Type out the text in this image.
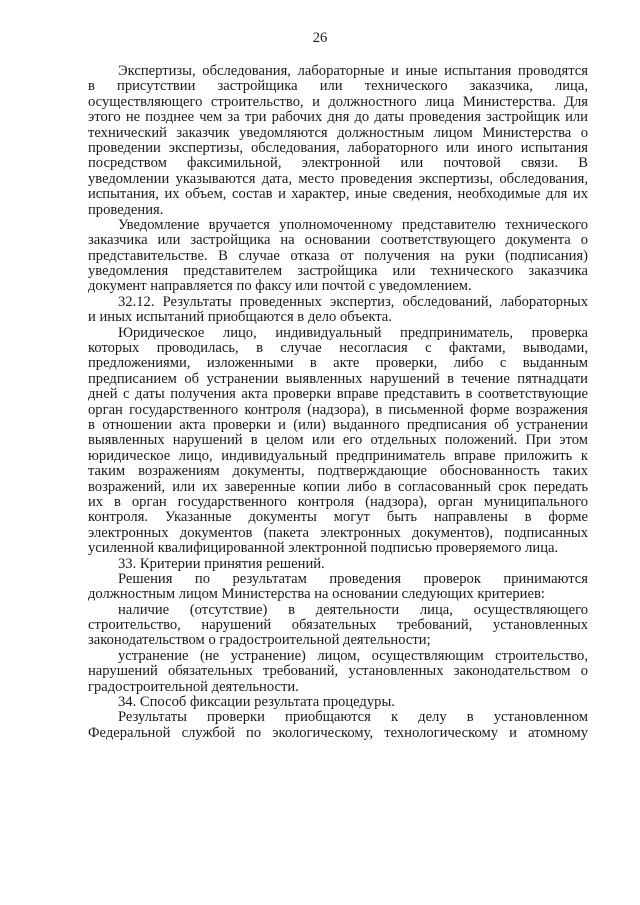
26
Экспертизы, обследования, лабораторные и иные испытания проводятся
в присутствии застройщика или технического заказчика, лица,
осуществляющего строительство, и должностного лица Министерства. Для
этого не позднее чем за три рабочих дня до даты проведения застройщик или
технический заказчик уведомляются должностным лицом Министерства о
проведении экспертизы, обследования, лабораторного или иного испытания
посредством факсимильной, электронной или почтовой связи. В
уведомлении указываются дата, место проведения экспертизы, обследования,
испытания, их объем, состав и характер, иные сведения, необходимые для их
проведения.
Уведомление вручается уполномоченному представителю технического
заказчика или застройщика на основании соответствующего документа о
представительстве. В случае отказа от получения на руки (подписания)
уведомления представителем застройщика или технического заказчика
документ направляется по факсу или почтой с уведомлением.
32.12. Результаты проведенных экспертиз, обследований, лабораторных
и иных испытаний приобщаются в дело объекта.
Юридическое лицо, индивидуальный предприниматель, проверка
которых проводилась, в случае несогласия с фактами, выводами,
предложениями, изложенными в акте проверки, либо с выданным
предписанием об устранении выявленных нарушений в течение пятнадцати
дней с даты получения акта проверки вправе представить в соответствующие
орган государственного контроля (надзора), в письменной форме возражения
в отношении акта проверки и (или) выданного предписания об устранении
выявленных нарушений в целом или его отдельных положений. При этом
юридическое лицо, индивидуальный предприниматель вправе приложить к
таким возражениям документы, подтверждающие обоснованность таких
возражений, или их заверенные копии либо в согласованный срок передать
их в орган государственного контроля (надзора), орган муниципального
контроля. Указанные документы могут быть направлены в форме
электронных документов (пакета электронных документов), подписанных
усиленной квалифицированной электронной подписью проверяемого лица.
33. Критерии принятия решений.
Решения по результатам проведения проверок принимаются
должностным лицом Министерства на основании следующих критериев:
наличие (отсутствие) в деятельности лица, осуществляющего
строительство, нарушений обязательных требований, установленных
законодательством о градостроительной деятельности;
устранение (не устранение) лицом, осуществляющим строительство,
нарушений обязательных требований, установленных законодательством о
градостроительной деятельности.
34. Способ фиксации результата процедуры.
Результаты проверки приобщаются к делу в установленном
Федеральной службой по экологическому, технологическому и атомному
